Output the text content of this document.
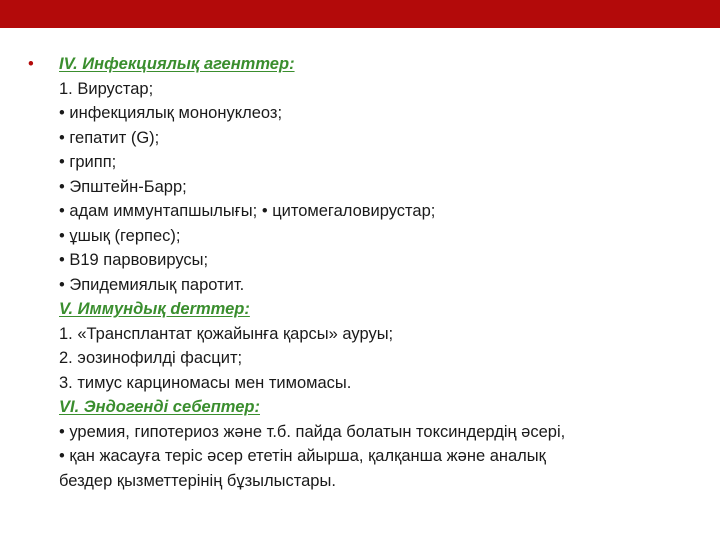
• IV. Инфекциялық агенттер:
1. Вирустар;
• инфекциялық мононуклеоз;
• гепатит (G);
• грипп;
• Эпштейн-Барр;
• адам иммунтапшылығы; • цитомегаловирустар;
• ұшық (герпес);
• В19 парвовирусы;
• Эпидемиялық паротит.
V. Иммундық derттер:
1. «Трансплантат қожайынға қарсы» ауруы;
2. эозинофилді фасцит;
3. тимус карциномасы мен тимомасы.
VI. Эндогенді себептер:
• уремия, гипотериоз және т.б. пайда болатын токсиндердің әсері,
• қан жасауға теріс әсер ететін айырша, қалқанша және аналық
бездер қызметтерінің бұзылыстары.
